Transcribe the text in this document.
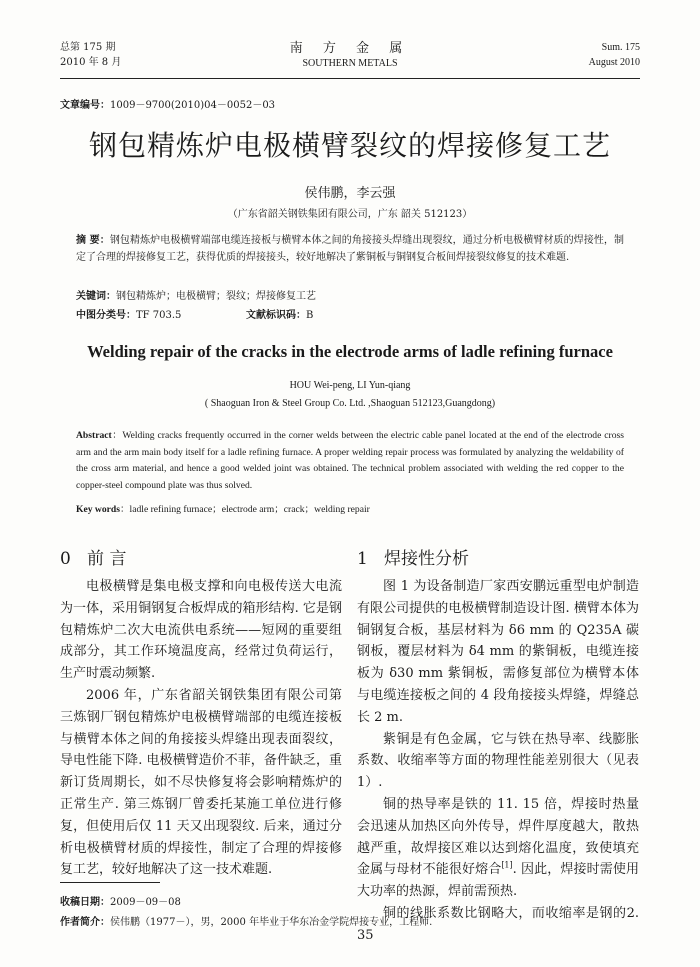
总第 175 期
2010 年 8 月
南 方 金 属
SOUTHERN METALS
Sum. 175
August 2010
文章编号：1009－9700(2010)04－0052－03
钢包精炼炉电极横臂裂纹的焊接修复工艺
侯伟鹏，李云强
（广东省韶关钢铁集团有限公司，广东 韶关 512123）
摘 要：钢包精炼炉电极横臂端部电缆连接板与横臂本体之间的角接接头焊缝出现裂纹，通过分析电极横臂材质的焊接性，制定了合理的焊接修复工艺，获得优质的焊接接头，较好地解决了紫铜板与铜钢复合板间焊接裂纹修复的技术难题.
关键词：钢包精炼炉；电极横臂；裂纹；焊接修复工艺
中图分类号：TF 703.5	文献标识码：B
Welding repair of the cracks in the electrode arms of ladle refining furnace
HOU Wei-peng, LI Yun-qiang
( Shaoguan Iron & Steel Group Co. Ltd. ,Shaoguan 512123,Guangdong)
Abstract：Welding cracks frequently occurred in the corner welds between the electric cable panel located at the end of the electrode cross arm and the arm main body itself for a ladle refining furnace. A proper welding repair process was formulated by analyzing the weldability of the cross arm material, and hence a good welded joint was obtained. The technical problem associated with welding the red copper to the copper-steel compound plate was thus solved.
Key words：ladle refining furnace；electrode arm；crack；welding repair
0 前 言	1 焊接性分析

电极横臂是集电极支撑和向电极传送大电流为一体，采用铜钢复合板焊成的箱形结构. 它是钢包精炼炉二次大电流供电系统——短网的重要组成部分，其工作环境温度高，经常过负荷运行，生产时震动频繁.

2006 年，广东省韶关钢铁集团有限公司第三炼钢厂钢包精炼炉电极横臂端部的电缆连接板与横臂本体之间的角接接头焊缝出现表面裂纹，导电性能下降. 电极横臂造价不菲，备件缺乏，重新订货周期长，如不尽快修复将会影响精炼炉的正常生产. 第三炼钢厂曾委托某施工单位进行修复，但使用后仅 11 天又出现裂纹. 后来，通过分析电极横臂材质的焊接性，制定了合理的焊接修复工艺，较好地解决了这一技术难题.

图 1 为设备制造厂家西安鹏远重型电炉制造有限公司提供的电极横臂制造设计图. 横臂本体为铜钢复合板，基层材料为 δ6 mm 的 Q235A 碳钢板，覆层材料为 δ4 mm 的紫铜板，电缆连接板为 δ30 mm 紫铜板，需修复部位为横臂本体与电缆连接板之间的 4 段角接接头焊缝，焊缝总长 2 m.

紫铜是有色金属，它与铁在热导率、线膨胀系数、收缩率等方面的物理性能差别很大（见表 1）.

铜的热导率是铁的 11. 15 倍，焊接时热量会迅速从加热区向外传导，焊件厚度越大，散热越严重，故焊接区难以达到熔化温度，致使填充金属与母材不能很好熔合[1]. 因此，焊接时需使用大功率的热源，焊前需预热.

铜的线胀系数比钢略大，而收缩率是钢的2. 35

收稿日期：2009－09－08
作者简介：侯伟鹏（1977－），男，2000 年毕业于华东冶金学院焊接专业，工程师.
